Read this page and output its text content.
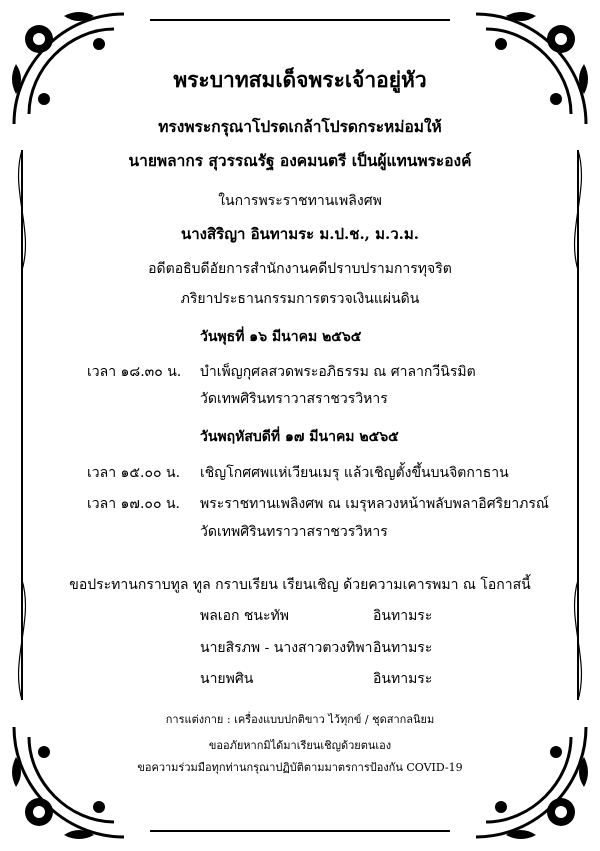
พระบาทสมเด็จพระเจ้าอยู่หัว
ทรงพระกรุณาโปรดเกล้าโปรดกระหม่อมให้
นายพลากร สุวรรณรัฐ องคมนตรี เป็นผู้แทนพระองค์
ในการพระราชทานเพลิงศพ
นางสิริญา อินทามระ ม.ป.ช., ม.ว.ม.
อดีตอธิบดีอัยการสำนักงานคดีปราบปรามการทุจริต
ภริยาประธานกรรมการตรวจเงินแผ่นดิน
วันพุธที่ ๑๖ มีนาคม ๒๕๖๕
เวลา ๑๘.๓๐ น. บำเพ็ญกุศลสวดพระอภิธรรม ณ ศาลากวีนิรมิต
วัดเทพศิรินทราวาสราชวรวิหาร
วันพฤหัสบดีที่ ๑๗ มีนาคม ๒๕๖๕
เวลา ๑๕.๐๐ น. เชิญโกศศพแห่เวียนเมรุ แล้วเชิญตั้งขึ้นบนจิตกาธาน
เวลา ๑๗.๐๐ น. พระราชทานเพลิงศพ ณ เมรุหลวงหน้าพลับพลาอิศริยาภรณ์
วัดเทพศิรินทราวาสราชวรวิหาร
ขอประทานกราบทูล ทูล กราบเรียน เรียนเชิญ ด้วยความเคารพมา ณ โอกาสนี้
พลเอก ชนะทัพ	อินทามระ
นายสิรภพ - นางสาวตวงทิพา อินทามระ
นายพศิน	อินทามระ
การแต่งกาย : เครื่องแบบปกติขาว ไว้ทุกข์ / ชุดสากลนิยม
ขออภัยหากมิได้มาเรียนเชิญด้วยตนเอง
ขอความร่วมมือทุกท่านกรุณาปฏิบัติตามมาตรการป้องกัน COVID-19
